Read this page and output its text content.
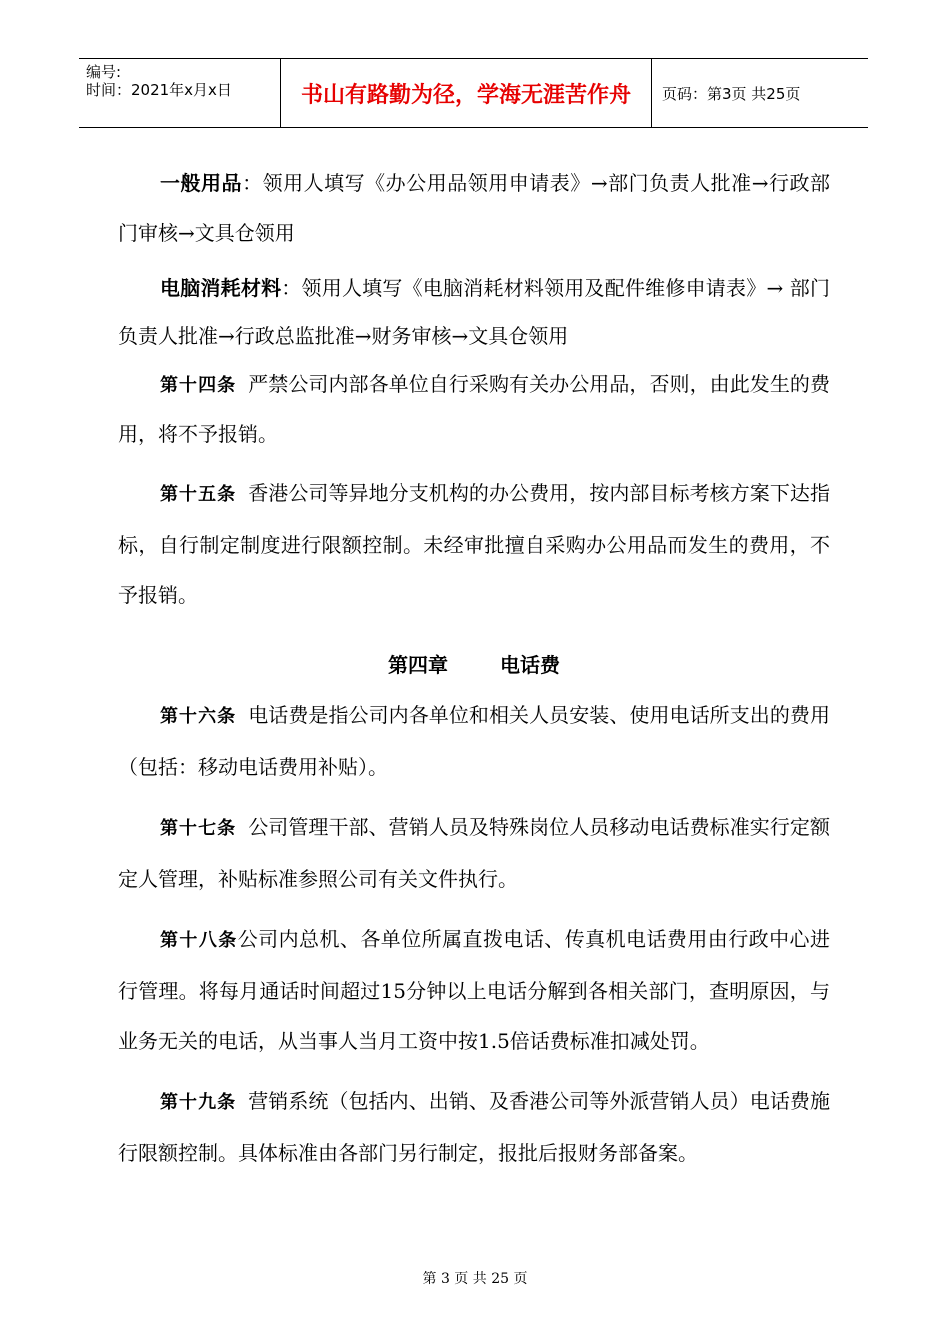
编号:
时间：2021年x月x日	书山有路勤为径，学海无涯苦作舟	页码：第3页 共25页

一般用品：领用人填写《办公用品领用申请表》→部门负责人批准→行政部门审核→文具仓领用

电脑消耗材料：领用人填写《电脑消耗材料领用及配件维修申请表》→ 部门负责人批准→行政总监批准→财务审核→文具仓领用

第十四条 严禁公司内部各单位自行采购有关办公用品，否则，由此发生的费用，将不予报销。

第十五条 香港公司等异地分支机构的办公费用，按内部目标考核方案下达指标，自行制定制度进行限额控制。未经审批擅自采购办公用品而发生的费用，不予报销。

第四章	电话费

第十六条 电话费是指公司内各单位和相关人员安装、使用电话所支出的费用（包括：移动电话费用补贴）。

第十七条 公司管理干部、营销人员及特殊岗位人员移动电话费标准实行定额定人管理，补贴标准参照公司有关文件执行。

第十八条公司内总机、各单位所属直拨电话、传真机电话费用由行政中心进行管理。将每月通话时间超过15分钟以上电话分解到各相关部门，查明原因，与业务无关的电话，从当事人当月工资中按1.5倍话费标准扣减处罚。

第十九条 营销系统（包括内、出销、及香港公司等外派营销人员）电话费施行限额控制。具体标准由各部门另行制定，报批后报财务部备案。

第 3 页 共 25 页
